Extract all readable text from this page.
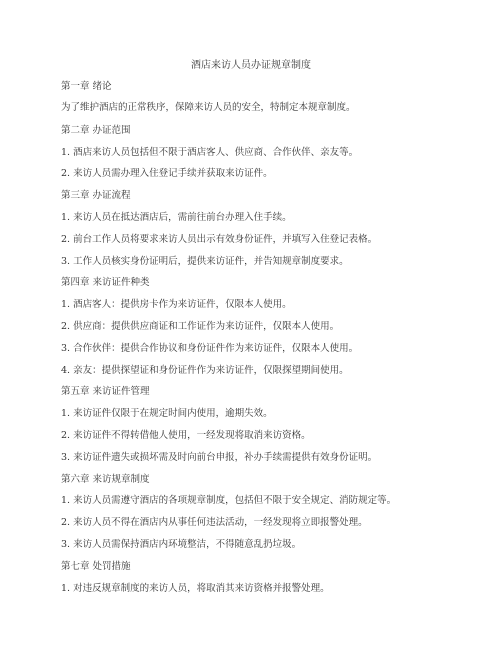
酒店来访人员办证规章制度
第一章 绪论
为了维护酒店的正常秩序，保障来访人员的安全，特制定本规章制度。
第二章 办证范围
1. 酒店来访人员包括但不限于酒店客人、供应商、合作伙伴、亲友等。
2. 来访人员需办理入住登记手续并获取来访证件。
第三章 办证流程
1. 来访人员在抵达酒店后，需前往前台办理入住手续。
2. 前台工作人员将要求来访人员出示有效身份证件，并填写入住登记表格。
3. 工作人员核实身份证明后，提供来访证件，并告知规章制度要求。
第四章 来访证件种类
1. 酒店客人：提供房卡作为来访证件，仅限本人使用。
2. 供应商：提供供应商证和工作证作为来访证件，仅限本人使用。
3. 合作伙伴：提供合作协议和身份证件作为来访证件，仅限本人使用。
4. 亲友：提供探望证和身份证件作为来访证件，仅限探望期间使用。
第五章 来访证件管理
1. 来访证件仅限于在规定时间内使用，逾期失效。
2. 来访证件不得转借他人使用，一经发现将取消来访资格。
3. 来访证件遗失或损坏需及时向前台申报，补办手续需提供有效身份证明。
第六章 来访规章制度
1. 来访人员需遵守酒店的各项规章制度，包括但不限于安全规定、消防规定等。
2. 来访人员不得在酒店内从事任何违法活动，一经发现将立即报警处理。
3. 来访人员需保持酒店内环境整洁，不得随意乱扔垃圾。
第七章 处罚措施
1. 对违反规章制度的来访人员，将取消其来访资格并报警处理。
